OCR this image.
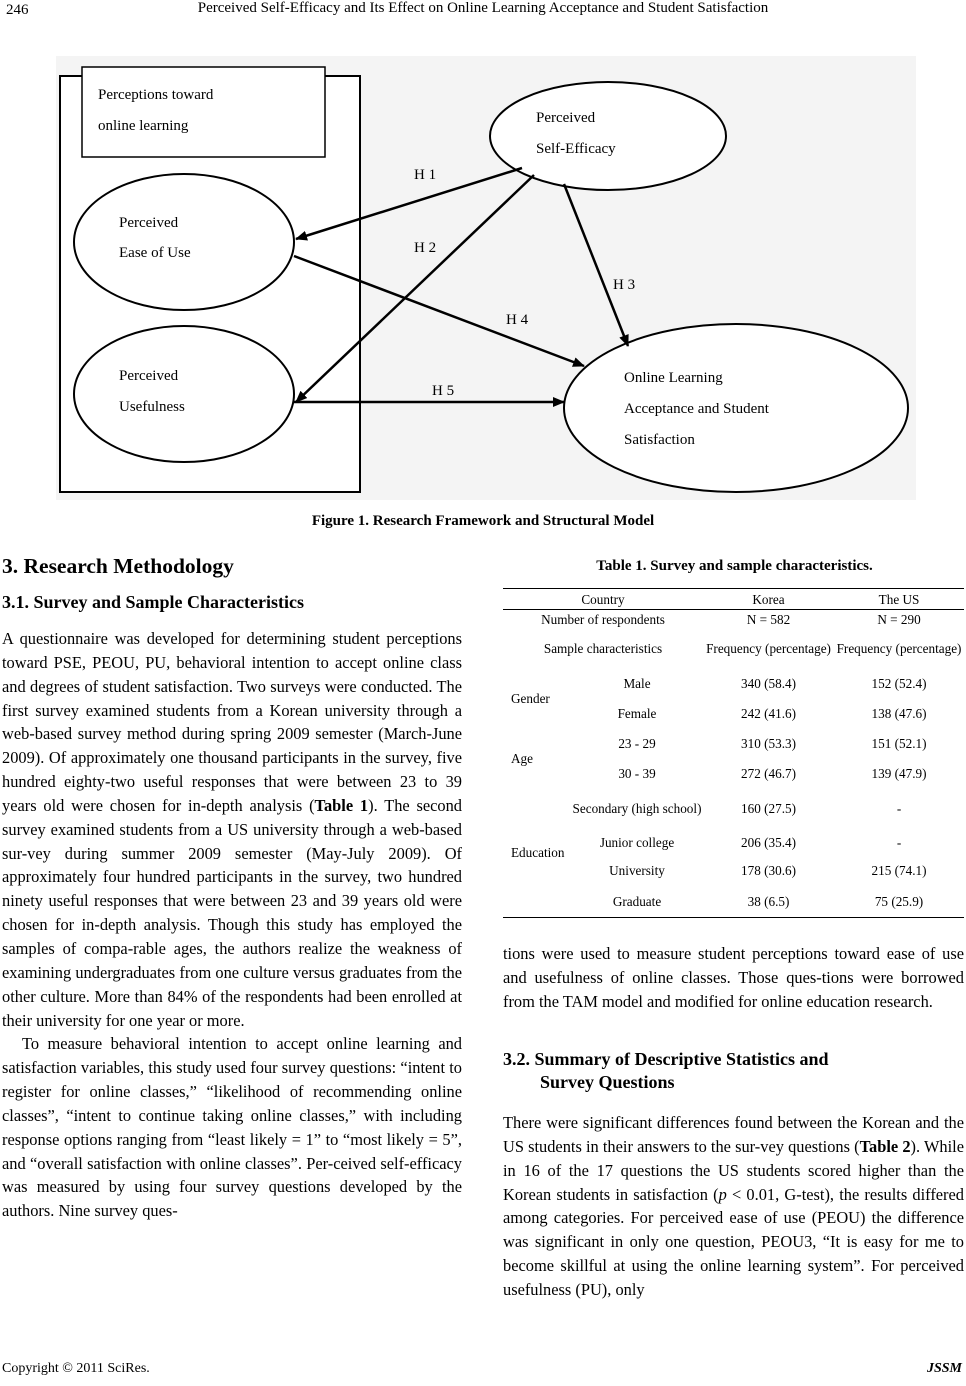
246	Perceived Self-Efficacy and Its Effect on Online Learning Acceptance and Student Satisfaction
Perceptions toward
online learning	Perceived
Self-Efficacy
Perceived
Ease of Use
Perceived
Usefulness
Online Learning
Acceptance and Student
Satisfaction
H 1
H 2
H 3
H 4
H 5
Figure 1. Research Framework and Structural Model
3. Research Methodology
3.1. Survey and Sample Characteristics

A questionnaire was developed for determining student perceptions toward PSE, PEOU, PU, behavioral intention to accept online class and degrees of student satisfaction. Two surveys were conducted. The first survey examined students from a Korean university through a web-based survey method during spring 2009 semester (March-June 2009). Of approximately one thousand participants in the survey, five hundred eighty-two useful responses that were between 23 to 39 years old were chosen for in-depth analysis (Table 1). The second survey examined students from a US university through a web-based sur-vey during summer 2009 semester (May-July 2009). Of approximately four hundred participants in the survey, two hundred ninety useful responses that were between 23 and 39 years old were chosen for in-depth analysis. Though this study has employed the samples of compa-rable ages, the authors realize the weakness of examining undergraduates from one culture versus graduates from the other culture. More than 84% of the respondents had been enrolled at their university for one year or more.

To measure behavioral intention to accept online learning and satisfaction variables, this study used four survey questions: “intent to register for online classes,” “likelihood of recommending online classes”, “intent to continue taking online classes,” with including response options ranging from “least likely = 1” to “most likely = 5”, and “overall satisfaction with online classes”. Per-ceived self-efficacy was measured by using four survey questions developed by the authors. Nine survey ques-

Table 1. Survey and sample characteristics.
Country		Korea	The US
Number of respondents		N = 582	N = 290
Sample characteristics		Frequency (percentage)	Frequency (percentage)
Gender	Male	340 (58.4)	152 (52.4)
	Female	242 (41.6)	138 (47.6)
Age	23 - 29	310 (53.3)	151 (52.1)
	30 - 39	272 (46.7)	139 (47.9)
Education	Secondary (high school)	160 (27.5)	-
	Junior college	206 (35.4)	-
	University	178 (30.6)	215 (74.1)
	Graduate	38 (6.5)	75 (25.9)

tions were used to measure student perceptions toward ease of use and usefulness of online classes. Those ques-tions were borrowed from the TAM model and modified for online education research.

3.2. Summary of Descriptive Statistics and
Survey Questions

There were significant differences found between the Korean and the US students in their answers to the sur-vey questions (Table 2). While in 16 of the 17 questions the US students scored higher than the Korean students in satisfaction (p < 0.01, G-test), the results differed among categories. For perceived ease of use (PEOU) the difference was significant in only one question, PEOU3, “It is easy for me to become skillful at using the online learning system”. For perceived usefulness (PU), only

Copyright © 2011 SciRes.	JSSM
